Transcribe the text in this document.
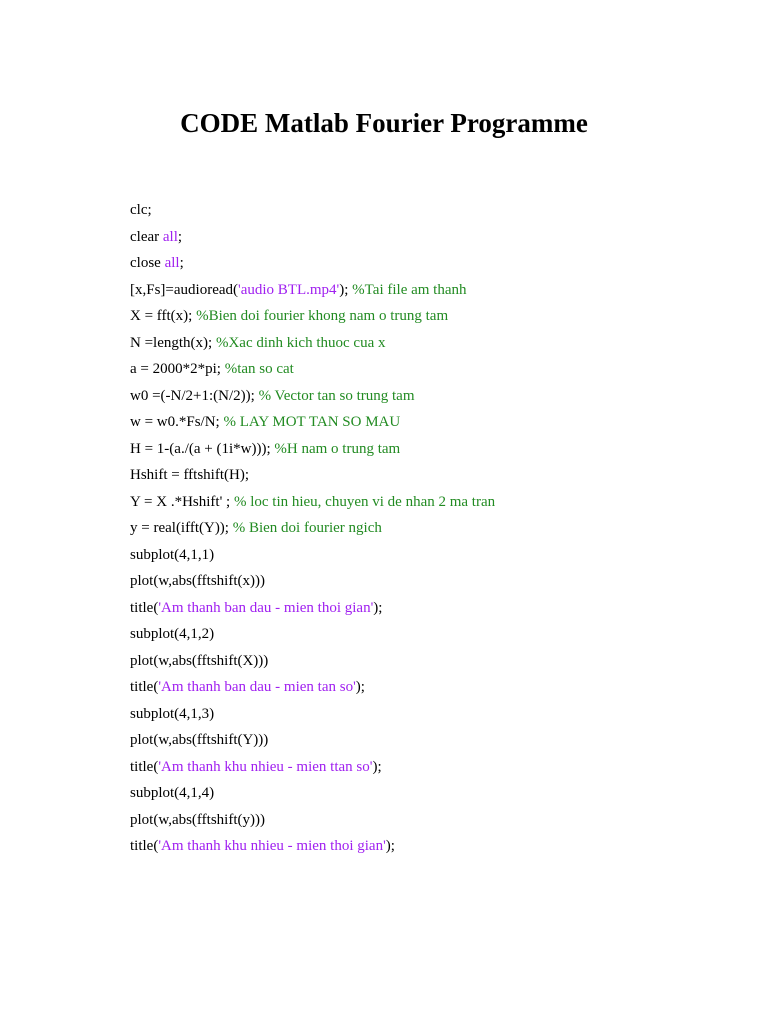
CODE Matlab Fourier Programme
clc;
clear all;
close all;
[x,Fs]=audioread('audio BTL.mp4'); %Tai file am thanh
X = fft(x); %Bien doi fourier khong nam o trung tam
N =length(x); %Xac dinh kich thuoc cua x
a = 2000*2*pi; %tan so cat
w0 =(-N/2+1:(N/2)); % Vector tan so trung tam
w = w0.*Fs/N; % LAY MOT TAN SO MAU
H = 1-(a./(a + (1i*w))); %H nam o trung tam
Hshift = fftshift(H);
Y = X .*Hshift' ; % loc tin hieu, chuyen vi de nhan 2 ma tran
y = real(ifft(Y)); % Bien doi fourier ngich
subplot(4,1,1)
plot(w,abs(fftshift(x)))
title('Am thanh ban dau - mien thoi gian');
subplot(4,1,2)
plot(w,abs(fftshift(X)))
title('Am thanh ban dau - mien tan so');
subplot(4,1,3)
plot(w,abs(fftshift(Y)))
title('Am thanh khu nhieu - mien ttan so');
subplot(4,1,4)
plot(w,abs(fftshift(y)))
title('Am thanh khu nhieu - mien thoi gian');
